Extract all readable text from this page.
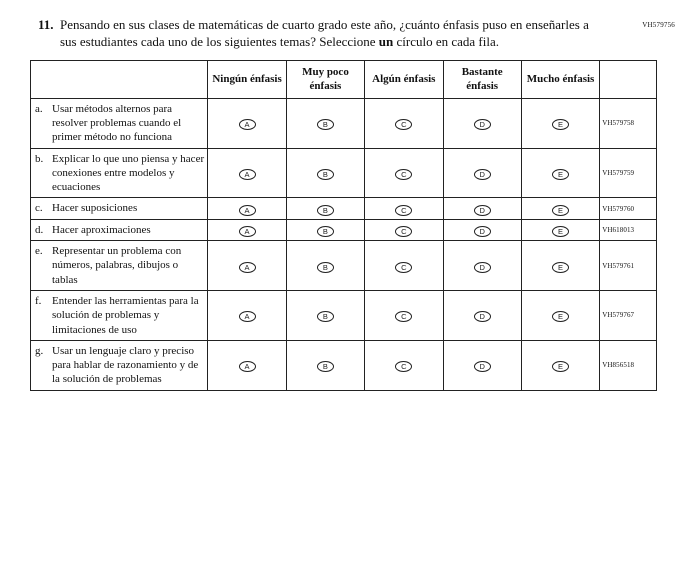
VH579756
11. Pensando en sus clases de matemáticas de cuarto grado este año, ¿cuánto énfasis puso en enseñarles a sus estudiantes cada uno de los siguientes temas? Seleccione un círculo en cada fila.
	Ningún énfasis	Muy poco énfasis	Algún énfasis	Bastante énfasis	Mucho énfasis	

a. Usar métodos alternos para resolver problemas cuando el primer método no funciona	A	B	C	D	E	VH579758

b. Explicar lo que uno piensa y hacer conexiones entre modelos y ecuaciones	A	B	C	D	E	VH579759

c. Hacer suposiciones	A	B	C	D	E	VH579760

d. Hacer aproximaciones	A	B	C	D	E	VH618013

e. Representar un problema con números, palabras, dibujos o tablas	A	B	C	D	E	VH579761

f. Entender las herramientas para la solución de problemas y limitaciones de uso	A	B	C	D	E	VH579767

g. Usar un lenguaje claro y preciso para hablar de razonamiento y de la solución de problemas	A	B	C	D	E	VH856518
